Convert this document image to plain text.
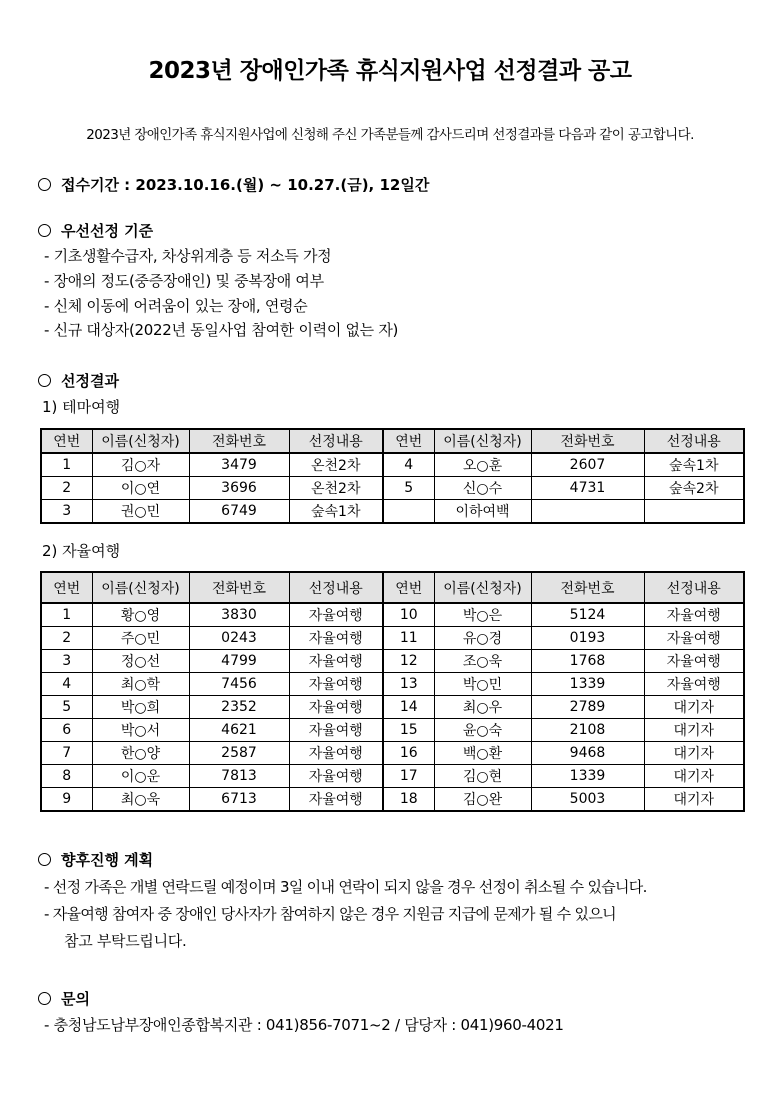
2023년 장애인가족 휴식지원사업 선정결과 공고
2023년 장애인가족 휴식지원사업에 신청해 주신 가족분들께 감사드리며 선정결과를 다음과 같이 공고합니다.
접수기간 : 2023.10.16.(월) ~ 10.27.(금), 12일간
우선선정 기준
- 기초생활수급자, 차상위계층 등 저소득 가정
- 장애의 정도(중증장애인) 및 중복장애 여부
- 신체 이동에 어려움이 있는 장애, 연령순
- 신규 대상자(2022년 동일사업 참여한 이력이 없는 자)
선정결과
1) 테마여행
연번	이름(신청자)	전화번호	선정내용	연번	이름(신청자)	전화번호	선정내용
1	김○자	3479	온천2차	4	오○훈	2607	숲속1차
2	이○연	3696	온천2차	5	신○수	4731	숲속2차
3	권○민	6749	숲속1차		이하여백		
2) 자율여행
연번	이름(신청자)	전화번호	선정내용	연번	이름(신청자)	전화번호	선정내용
1	황○영	3830	자율여행	10	박○은	5124	자율여행
2	주○민	0243	자율여행	11	유○경	0193	자율여행
3	정○선	4799	자율여행	12	조○욱	1768	자율여행
4	최○학	7456	자율여행	13	박○민	1339	자율여행
5	박○희	2352	자율여행	14	최○우	2789	대기자
6	박○서	4621	자율여행	15	윤○숙	2108	대기자
7	한○양	2587	자율여행	16	백○환	9468	대기자
8	이○운	7813	자율여행	17	김○현	1339	대기자
9	최○욱	6713	자율여행	18	김○완	5003	대기자
향후진행 계획
- 선정 가족은 개별 연락드릴 예정이며 3일 이내 연락이 되지 않을 경우 선정이 취소될 수 있습니다.
- 자율여행 참여자 중 장애인 당사자가 참여하지 않은 경우 지원금 지급에 문제가 될 수 있으니
참고 부탁드립니다.
문의
- 충청남도남부장애인종합복지관 : 041)856-7071~2 / 담당자 : 041)960-4021
